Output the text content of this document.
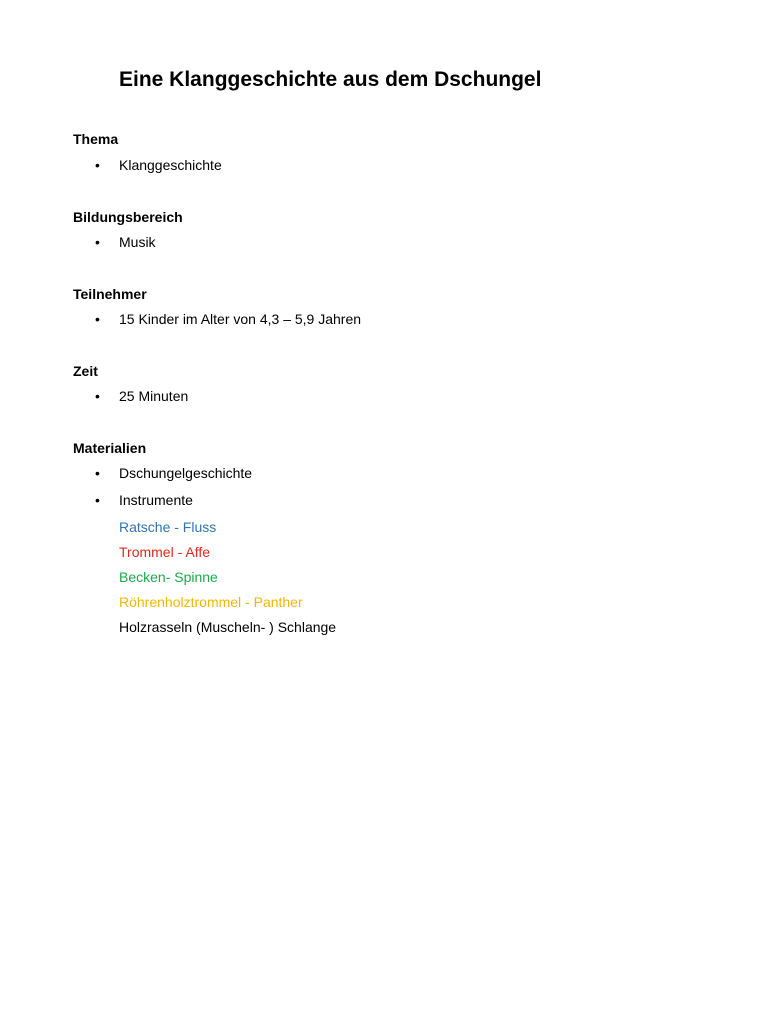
Eine Klanggeschichte aus dem Dschungel
Thema
•	Klanggeschichte
Bildungsbereich
•	Musik
Teilnehmer
•	15 Kinder im Alter von 4,3 – 5,9 Jahren
Zeit
•	25 Minuten
Materialien
•	Dschungelgeschichte
•	Instrumente
Ratsche - Fluss
Trommel - Affe
Becken- Spinne
Röhrenholztrommel - Panther
Holzrasseln (Muscheln- ) Schlange
